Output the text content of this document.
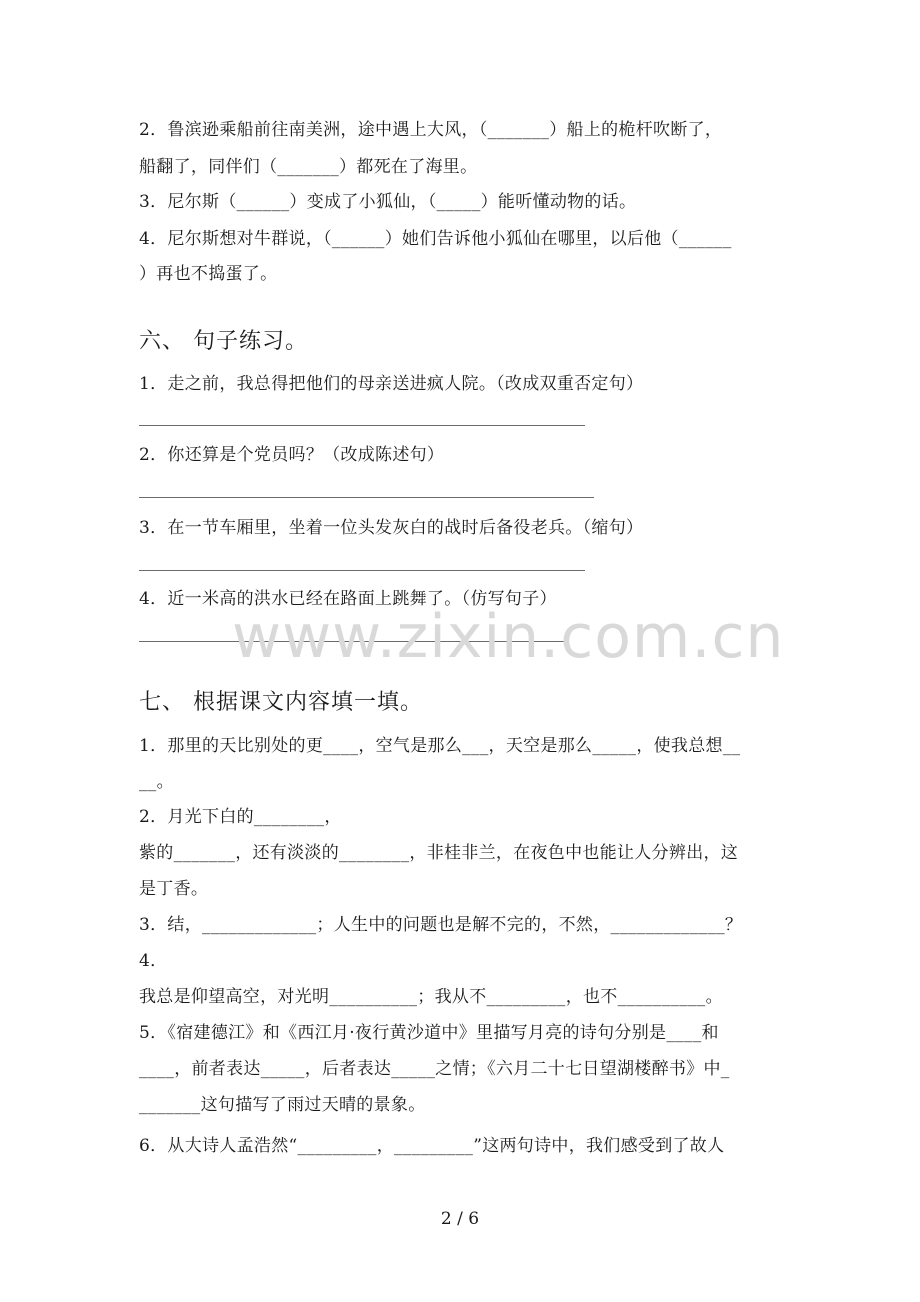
2．鲁滨逊乘船前往南美洲，途中遇上大风，（_______）船上的桅杆吹断了，
船翻了，同伴们（_______）都死在了海里。
3．尼尔斯（______）变成了小狐仙，（_____）能听懂动物的话。
4．尼尔斯想对牛群说，（______）她们告诉他小狐仙在哪里，以后他（______
）再也不捣蛋了。
六、 句子练习。
1．走之前，我总得把他们的母亲送进疯人院。（改成双重否定句）
2．你还算是个党员吗？（改成陈述句）
3．在一节车厢里，坐着一位头发灰白的战时后备役老兵。（缩句）
4．近一米高的洪水已经在路面上跳舞了。（仿写句子）
www.zixin.com.cn
七、 根据课文内容填一填。
1．那里的天比别处的更____，空气是那么___，天空是那么_____，使我总想__
__。
2．月光下白的________，
紫的_______，还有淡淡的________，非桂非兰，在夜色中也能让人分辨出，这
是丁香。
3．结，_____________；人生中的问题也是解不完的，不然，_____________？
4．
我总是仰望高空，对光明__________；我从不_________，也不__________。
5．《宿建德江》和《西江月·夜行黄沙道中》里描写月亮的诗句分别是____和
____，前者表达_____，后者表达_____之情；《六月二十七日望湖楼醉书》中_
_______这句描写了雨过天晴的景象。
6．从大诗人孟浩然“_________，_________”这两句诗中，我们感受到了故人
2 / 6
